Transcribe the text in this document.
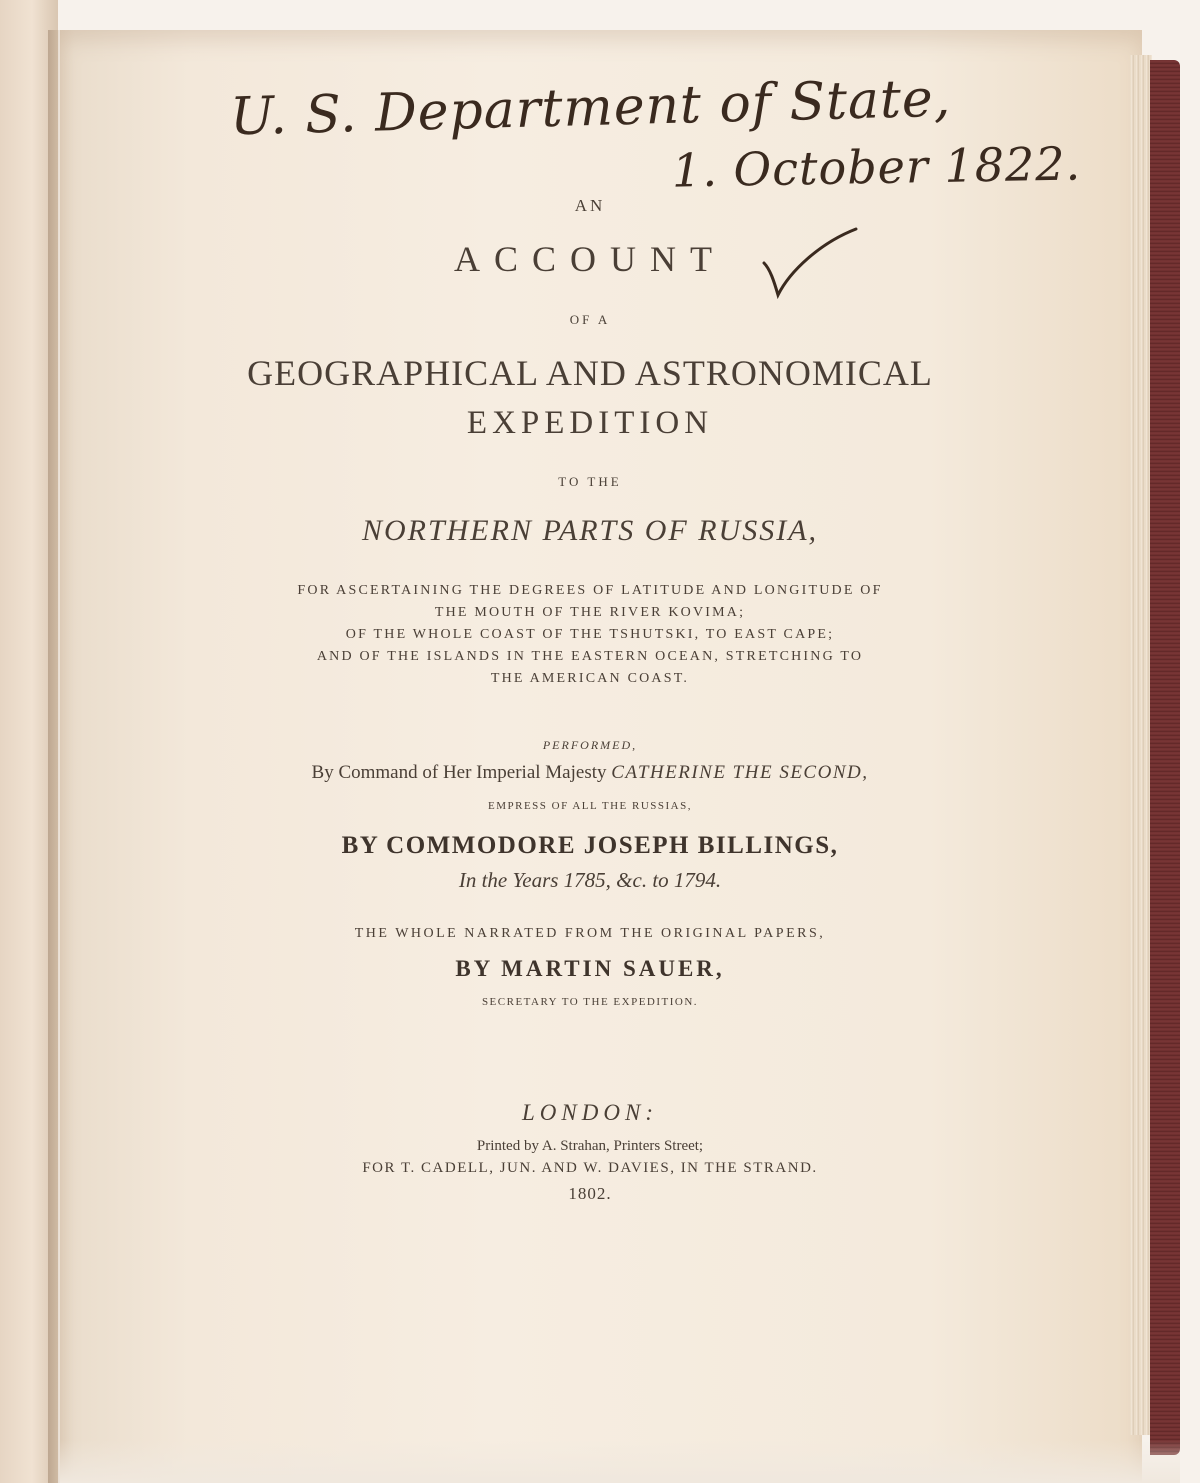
U. S. Department of State,
1. October 1822.

AN

ACCOUNT

OF A

GEOGRAPHICAL AND ASTRONOMICAL

EXPEDITION

TO THE

NORTHERN PARTS OF RUSSIA,

FOR ASCERTAINING THE DEGREES OF LATITUDE AND LONGITUDE OF
THE MOUTH OF THE RIVER KOVIMA;
OF THE WHOLE COAST OF THE TSHUTSKI, TO EAST CAPE;
AND OF THE ISLANDS IN THE EASTERN OCEAN, STRETCHING TO
THE AMERICAN COAST.

PERFORMED,

By Command of Her Imperial Majesty CATHERINE THE SECOND,

EMPRESS OF ALL THE RUSSIAS,

BY COMMODORE JOSEPH BILLINGS,

In the Years 1785, &c. to 1794.

THE WHOLE NARRATED FROM THE ORIGINAL PAPERS,

BY MARTIN SAUER,

SECRETARY TO THE EXPEDITION.

LONDON:

Printed by A. Strahan, Printers Street;

FOR T. CADELL, JUN. AND W. DAVIES, IN THE STRAND.

1802.
